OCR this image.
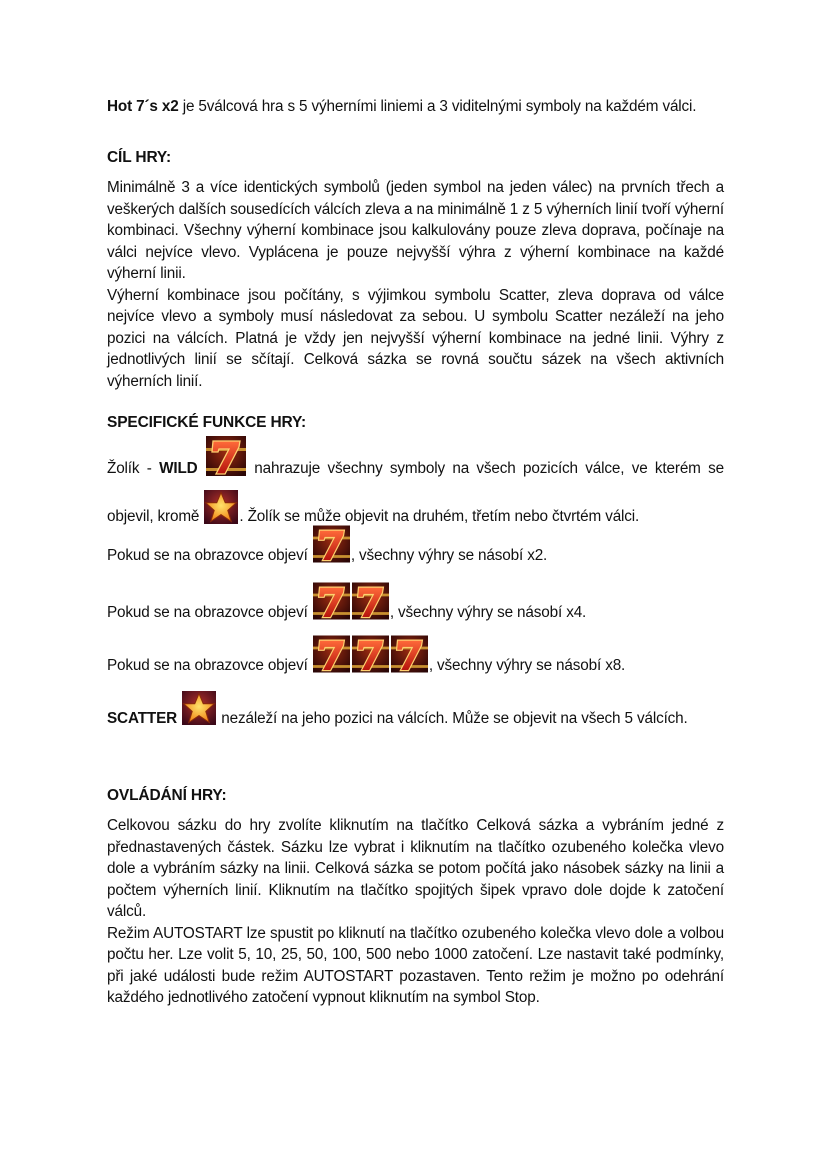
Hot 7´s x2 je 5válcová hra s 5 výherními liniemi a 3 viditelnými symboly na každém válci.
CÍL HRY:

Minimálně 3 a více identických symbolů (jeden symbol na jeden válec) na prvních třech a veškerých dalších sousedících válcích zleva a na minimálně 1 z 5 výherních linií tvoří výherní kombinaci. Všechny výherní kombinace jsou kalkulovány pouze zleva doprava, počínaje na válci nejvíce vlevo. Vyplácena je pouze nejvyšší výhra z výherní kombinace na každé výherní linii.

Výherní kombinace jsou počítány, s výjimkou symbolu Scatter, zleva doprava od válce nejvíce vlevo a symboly musí následovat za sebou. U symbolu Scatter nezáleží na jeho pozici na válcích. Platná je vždy jen nejvyšší výherní kombinace na jedné linii. Výhry z jednotlivých linií se sčítají. Celková sázka se rovná součtu sázek na všech aktivních výherních linií.

SPECIFICKÉ FUNKCE HRY:
Žolík - WILD	nahrazuje všechny symboly na všech pozicích válce, ve kterém se objevil, kromě
. Žolík se může objevit na druhém, třetím nebo čtvrtém válci.
Pokud se na obrazovce objeví	, všechny výhry se násobí x2.
Pokud se na obrazovce objeví	, všechny výhry se násobí x4.
Pokud se na obrazovce objeví	, všechny výhry se násobí x8.
SCATTER	nezáleží na jeho pozici na válcích. Může se objevit na všech 5 válcích.
OVLÁDÁNÍ HRY:

Celkovou sázku do hry zvolíte kliknutím na tlačítko Celková sázka a vybráním jedné z přednastavených částek. Sázku lze vybrat i kliknutím na tlačítko ozubeného kolečka vlevo dole a vybráním sázky na linii. Celková sázka se potom počítá jako násobek sázky na linii a počtem výherních linií. Kliknutím na tlačítko spojitých šipek vpravo dole dojde k zatočení válců.

Režim AUTOSTART lze spustit po kliknutí na tlačítko ozubeného kolečka vlevo dole a volbou počtu her. Lze volit 5, 10, 25, 50, 100, 500 nebo 1000 zatočení. Lze nastavit také podmínky, při jaké události bude režim AUTOSTART pozastaven. Tento režim je možno po odehrání každého jednotlivého zatočení vypnout kliknutím na symbol Stop.
